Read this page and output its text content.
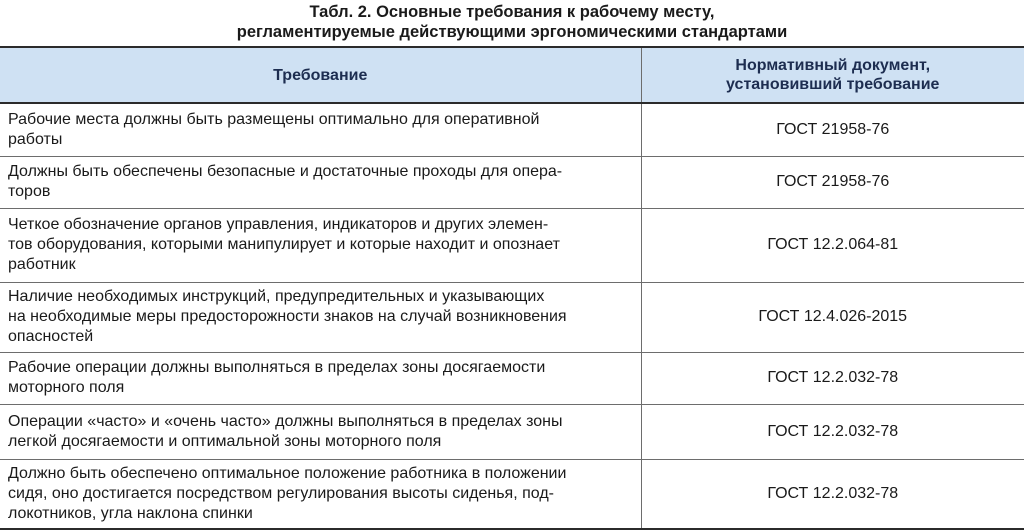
Табл. 2. Основные требования к рабочему месту,
регламентируемые действующими эргономическими стандартами
Требование	Нормативный документ,
установивший требование

Рабочие места должны быть размещены оптимально для оперативной
работы	ГОСТ 21958-76

Должны быть обеспечены безопасные и достаточные проходы для опера-
торов	ГОСТ 21958-76

Четкое обозначение органов управления, индикаторов и других элемен-
тов оборудования, которыми манипулирует и которые находит и опознает
работник	ГОСТ 12.2.064-81

Наличие необходимых инструкций, предупредительных и указывающих
на необходимые меры предосторожности знаков на случай возникновения
опасностей	ГОСТ 12.4.026-2015

Рабочие операции должны выполняться в пределах зоны досягаемости
моторного поля	ГОСТ 12.2.032-78

Операции «часто» и «очень часто» должны выполняться в пределах зоны
легкой досягаемости и оптимальной зоны моторного поля	ГОСТ 12.2.032-78

Должно быть обеспечено оптимальное положение работника в положении
сидя, оно достигается посредством регулирования высоты сиденья, под-
локотников, угла наклона спинки	ГОСТ 12.2.032-78
